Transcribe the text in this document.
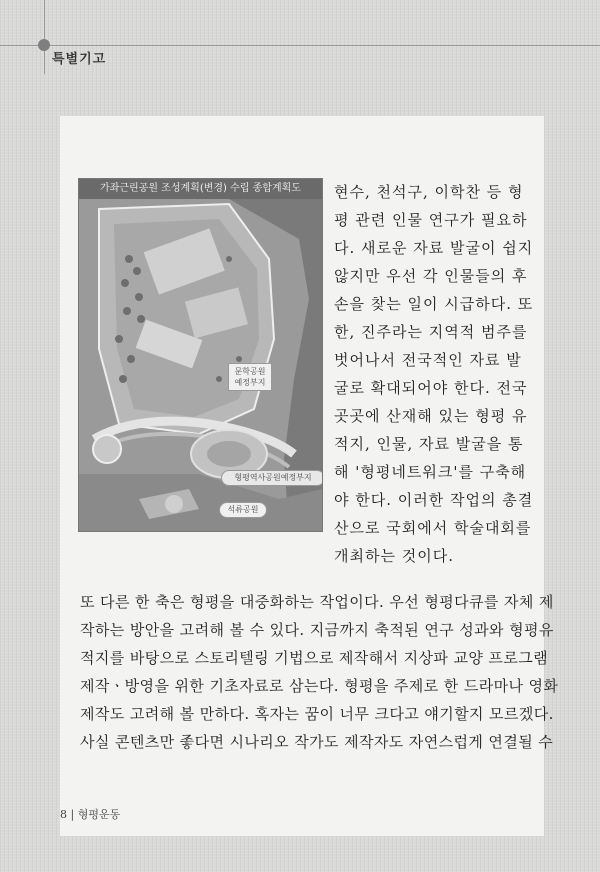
특별기고
가좌근린공원 조성계획(변경) 수립 종합계획도
문학공원
예정부지
형평역사공원예정부지
석류공원
현수, 천석구, 이학찬 등 형
평 관련 인물 연구가 필요하
다. 새로운 자료 발굴이 쉽지
않지만 우선 각 인물들의 후
손을 찾는 일이 시급하다. 또
한, 진주라는 지역적 범주를
벗어나서 전국적인 자료 발
굴로 확대되어야 한다. 전국
곳곳에 산재해 있는 형평 유
적지, 인물, 자료 발굴을 통
해 '형평네트워크'를 구축해
야 한다. 이러한 작업의 총결
산으로 국회에서 학술대회를
개최하는 것이다.
또 다른 한 축은 형평을 대중화하는 작업이다. 우선 형평다큐를 자체 제
작하는 방안을 고려해 볼 수 있다. 지금까지 축적된 연구 성과와 형평유
적지를 바탕으로 스토리텔링 기법으로 제작해서 지상파 교양 프로그램
제작ㆍ방영을 위한 기초자료로 삼는다. 형평을 주제로 한 드라마나 영화
제작도 고려해 볼 만하다. 혹자는 꿈이 너무 크다고 얘기할지 모르겠다.
사실 콘텐츠만 좋다면 시나리오 작가도 제작자도 자연스럽게 연결될 수
8 | 형평운동
